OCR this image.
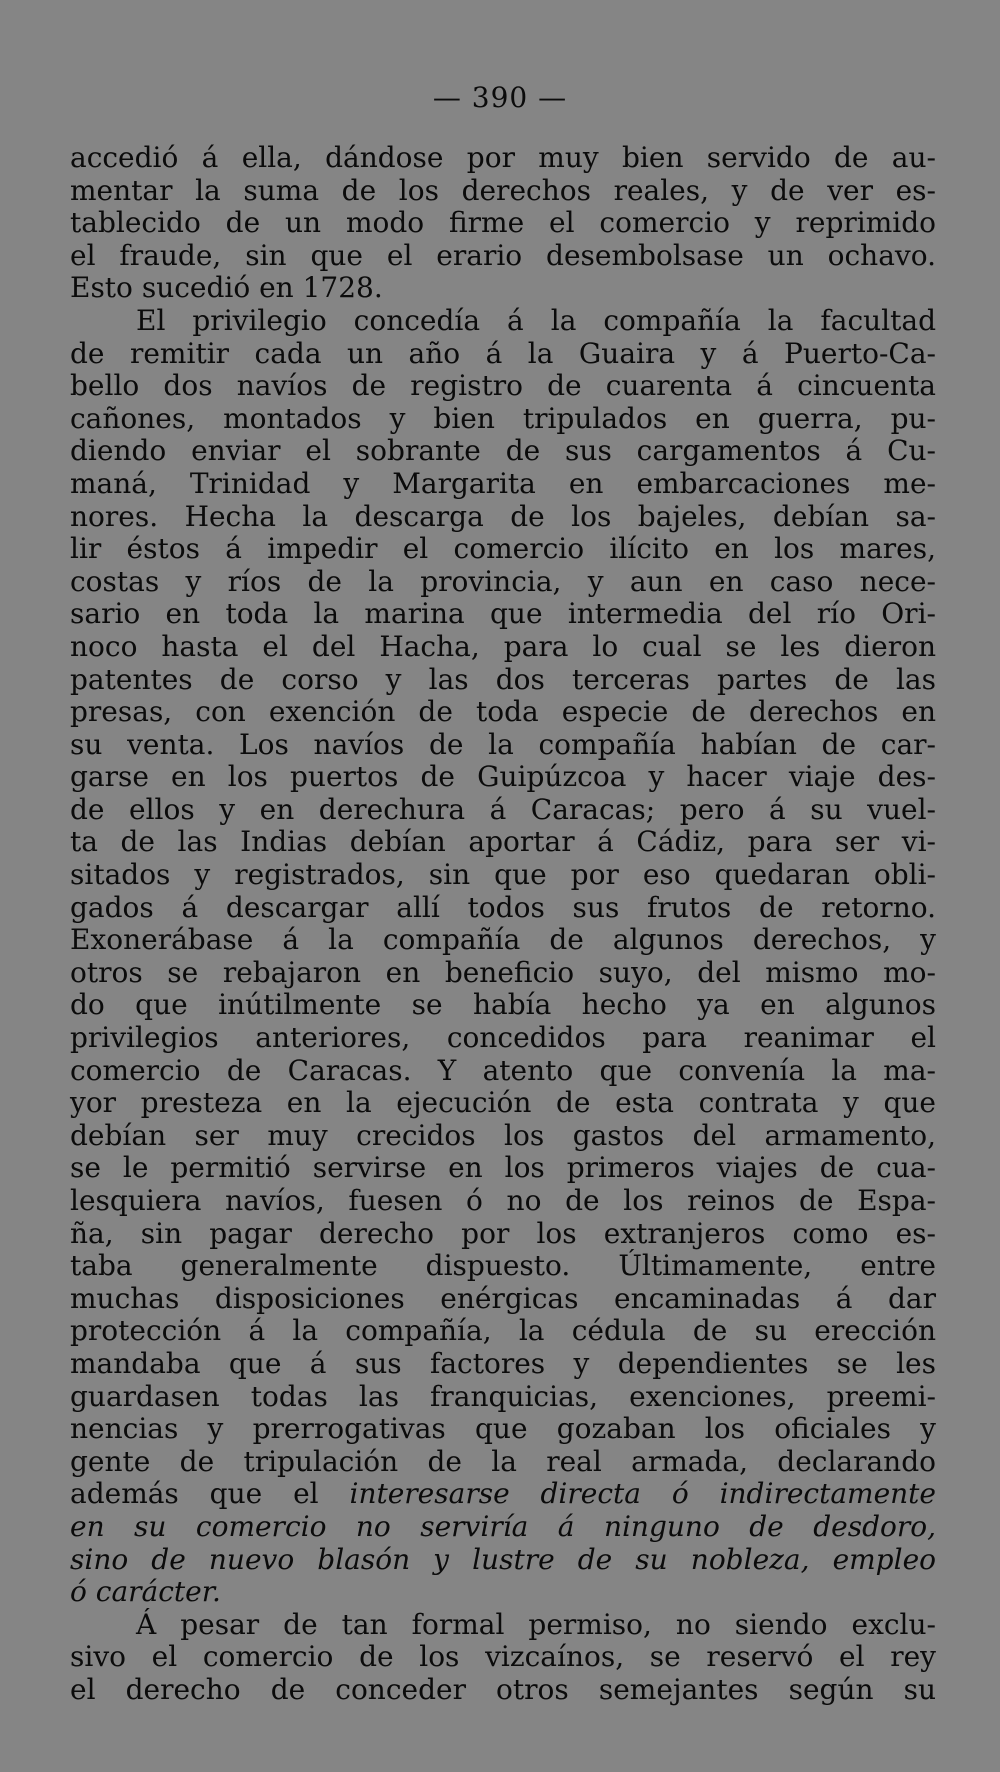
— 390 —
accedió á ella, dándose por muy bien servido de au-
mentar la suma de los derechos reales, y de ver es-
tablecido de un modo firme el comercio y reprimido
el fraude, sin que el erario desembolsase un ochavo.
Esto sucedió en 1728.
El privilegio concedía á la compañía la facultad
de remitir cada un año á la Guaira y á Puerto-Ca-
bello dos navíos de registro de cuarenta á cincuenta
cañones, montados y bien tripulados en guerra, pu-
diendo enviar el sobrante de sus cargamentos á Cu-
maná, Trinidad y Margarita en embarcaciones me-
nores. Hecha la descarga de los bajeles, debían sa-
lir éstos á impedir el comercio ilícito en los mares,
costas y ríos de la provincia, y aun en caso nece-
sario en toda la marina que intermedia del río Ori-
noco hasta el del Hacha, para lo cual se les dieron
patentes de corso y las dos terceras partes de las
presas, con exención de toda especie de derechos en
su venta. Los navíos de la compañía habían de car-
garse en los puertos de Guipúzcoa y hacer viaje des-
de ellos y en derechura á Caracas; pero á su vuel-
ta de las Indias debían aportar á Cádiz, para ser vi-
sitados y registrados, sin que por eso quedaran obli-
gados á descargar allí todos sus frutos de retorno.
Exonerábase á la compañía de algunos derechos, y
otros se rebajaron en beneficio suyo, del mismo mo-
do que inútilmente se había hecho ya en algunos
privilegios anteriores, concedidos para reanimar el
comercio de Caracas. Y atento que convenía la ma-
yor presteza en la ejecución de esta contrata y que
debían ser muy crecidos los gastos del armamento,
se le permitió servirse en los primeros viajes de cua-
lesquiera navíos, fuesen ó no de los reinos de Espa-
ña, sin pagar derecho por los extranjeros como es-
taba generalmente dispuesto. Últimamente, entre
muchas disposiciones enérgicas encaminadas á dar
protección á la compañía, la cédula de su erección
mandaba que á sus factores y dependientes se les
guardasen todas las franquicias, exenciones, preemi-
nencias y prerrogativas que gozaban los oficiales y
gente de tripulación de la real armada, declarando
además que el interesarse directa ó indirectamente
en su comercio no serviría á ninguno de desdoro,
sino de nuevo blasón y lustre de su nobleza, empleo
ó carácter.
Á pesar de tan formal permiso, no siendo exclu-
sivo el comercio de los vizcaínos, se reservó el rey
el derecho de conceder otros semejantes según su
